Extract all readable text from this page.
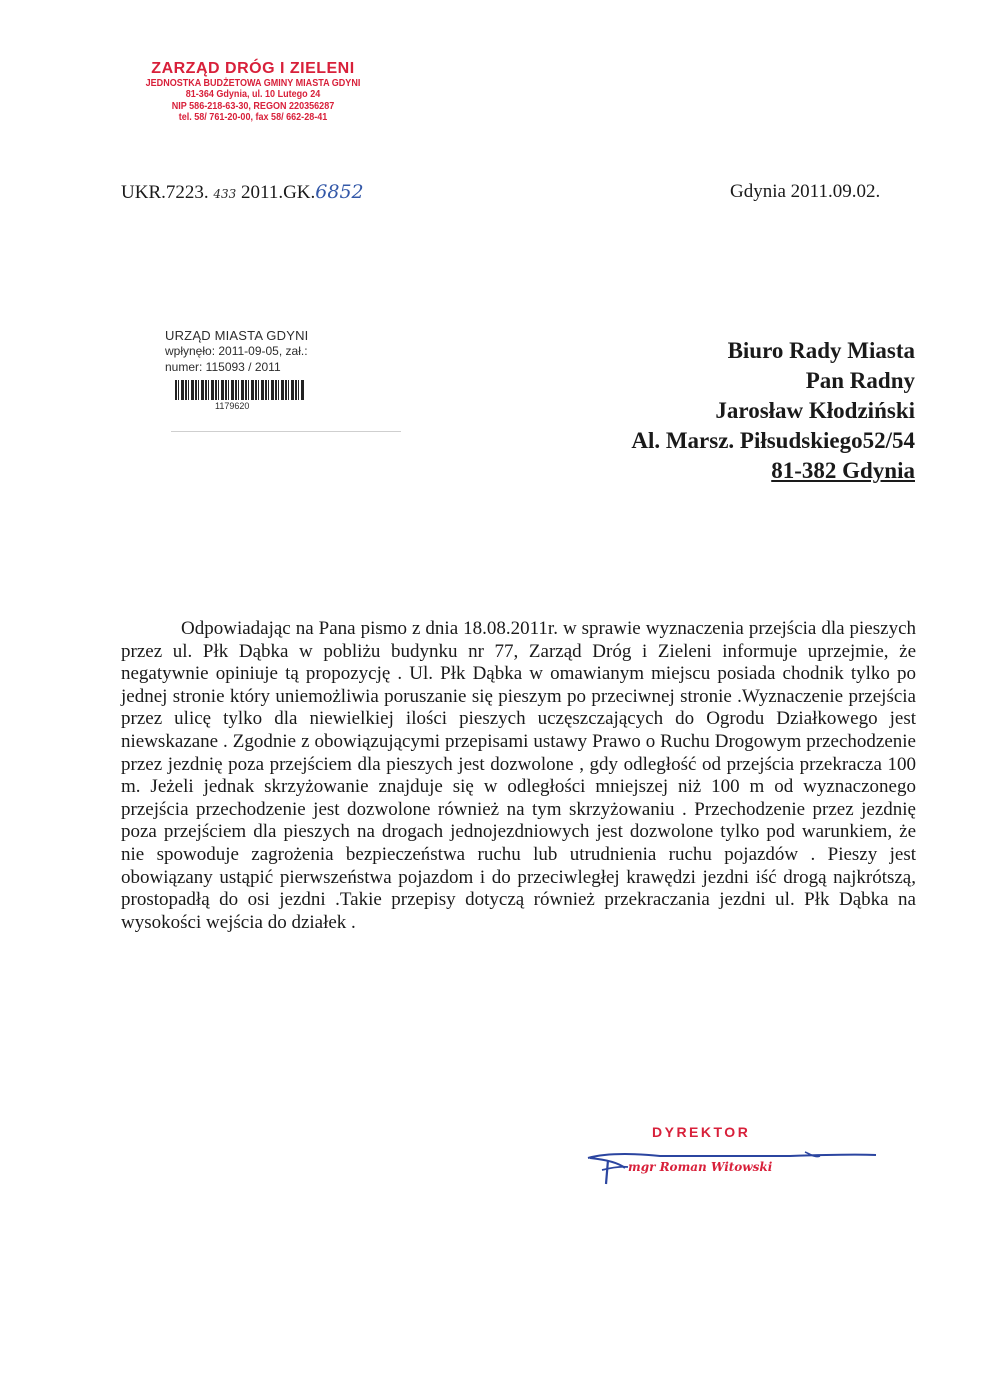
ZARZĄD DRÓG I ZIELENI
JEDNOSTKA BUDŻETOWA GMINY MIASTA GDYNI
81-364 Gdynia, ul. 10 Lutego 24
NIP 586-218-63-30, REGON 220356287
tel. 58/ 761-20-00, fax 58/ 662-28-41
UKR.7223. 433 2011.GK.6852	Gdynia 2011.09.02.
URZĄD MIASTA GDYNI
wpłynęło: 2011-09-05, zał.:
numer: 115093 / 2011
1179620
Biuro Rady Miasta
Pan Radny
Jarosław Kłodziński
Al. Marsz. Piłsudskiego52/54
81-382 Gdynia
Odpowiadając na Pana pismo z dnia 18.08.2011r. w sprawie wyznaczenia przejścia dla pieszych przez ul. Płk Dąbka w pobliżu budynku nr 77, Zarząd Dróg i Zieleni informuje uprzejmie, że negatywnie opiniuje tą propozycję . Ul. Płk Dąbka w omawianym miejscu posiada chodnik tylko po jednej stronie który uniemożliwia poruszanie się pieszym po przeciwnej stronie .Wyznaczenie przejścia przez ulicę tylko dla niewielkiej ilości pieszych uczęszczających do Ogrodu Działkowego jest niewskazane . Zgodnie z obowiązującymi przepisami ustawy Prawo o Ruchu Drogowym przechodzenie przez jezdnię poza przejściem dla pieszych jest dozwolone , gdy odległość od przejścia przekracza 100 m. Jeżeli jednak skrzyżowanie znajduje się w odległości mniejszej niż 100 m od wyznaczonego przejścia przechodzenie jest dozwolone również na tym skrzyżowaniu . Przechodzenie przez jezdnię poza przejściem dla pieszych na drogach jednojezdniowych jest dozwolone tylko pod warunkiem, że nie spowoduje zagrożenia bezpieczeństwa ruchu lub utrudnienia ruchu pojazdów . Pieszy jest obowiązany ustąpić pierwszeństwa pojazdom i do przeciwległej krawędzi jezdni iść drogą najkrótszą, prostopadłą do osi jezdni .Takie przepisy dotyczą również przekraczania jezdni ul. Płk Dąbka na wysokości wejścia do działek .
DYREKTOR
mgr Roman Witowski
